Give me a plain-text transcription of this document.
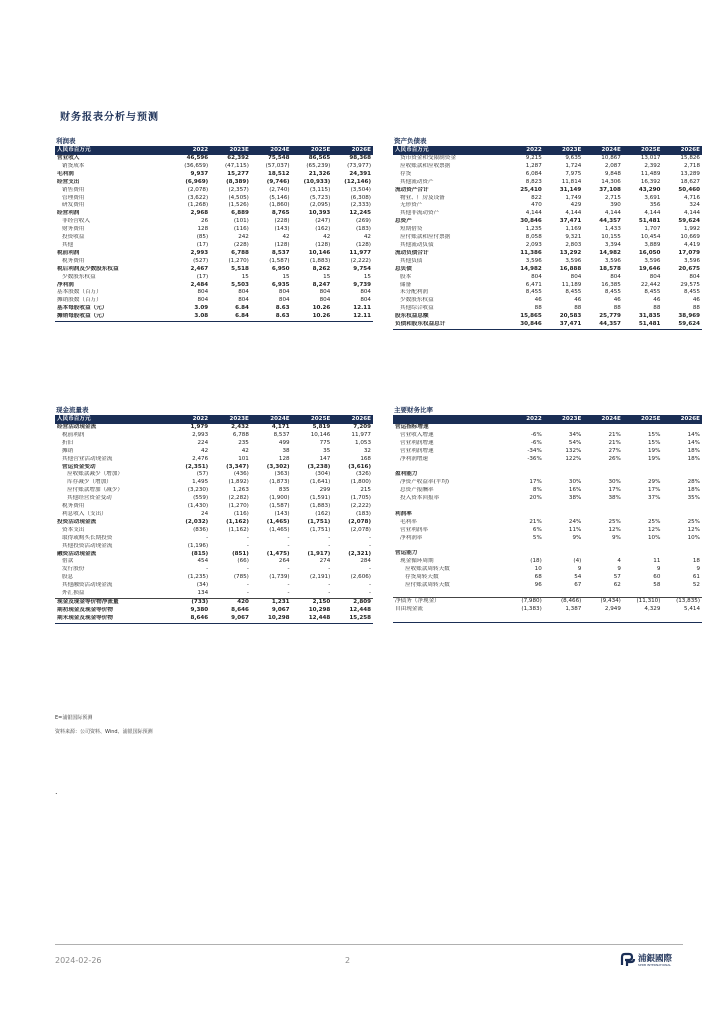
财务报表分析与预测
利润表
人民币百万元	2022	2023E	2024E	2025E	2026E
营业收入	46,596	62,392	75,548	86,565	98,368
销货成本	(36,659)	(47,115)	(57,037)	(65,239)	(73,977)
毛利润	9,937	15,277	18,512	21,326	24,391
经营支出	(6,969)	(8,389)	(9,746)	(10,933)	(12,146)
销售费用	(2,078)	(2,357)	(2,740)	(3,115)	(3,504)
管理费用	(3,622)	(4,505)	(5,146)	(5,723)	(6,308)
研发费用	(1,268)	(1,526)	(1,860)	(2,095)	(2,333)
经营利润	2,968	6,889	8,765	10,393	12,245
非经营收入	26	(101)	(228)	(247)	(269)
财务费用	128	(116)	(143)	(162)	(183)
投资收益	(85)	242	42	42	42
其他	(17)	(228)	(128)	(128)	(128)
税前利润	2,993	6,788	8,537	10,146	11,977
税务费用	(527)	(1,270)	(1,587)	(1,883)	(2,222)
税后利润及少数股东权益	2,467	5,518	6,950	8,262	9,754
少数股东权益	(17)	15	15	15	15
净利润	2,484	5,503	6,935	8,247	9,739
基本股数（百万）	804	804	804	804	804
摊销股数（百万）	804	804	804	804	804
基本每股收益（元）	3.09	6.84	8.63	10.26	12.11
摊销每股收益（元）	3.08	6.84	8.63	10.26	12.11
资产负债表
人民币百万元	2022	2023E	2024E	2025E	2026E
货币资金和受限制资金	9,215	9,635	10,867	13,017	15,826
应收账款和应收票据	1,287	1,724	2,087	2,392	2,718
存货	6,084	7,975	9,848	11,489	13,289
其他流动资产	8,823	11,814	14,306	16,392	18,627
流动资产合计	25,410	31,149	37,108	43,290	50,460
物业、厂房及设备	822	1,749	2,715	3,691	4,716
无形资产	470	429	390	356	324
其他非流动资产	4,144	4,144	4,144	4,144	4,144
总资产	30,846	37,471	44,357	51,481	59,624
短期借贷	1,235	1,169	1,433	1,707	1,992
应付账款和应付票据	8,058	9,321	10,155	10,454	10,669
其他流动负债	2,093	2,803	3,394	3,889	4,419
流动负债合计	11,386	13,292	14,982	16,050	17,079
其他负债	3,596	3,596	3,596	3,596	3,596
总负债	14,982	16,888	18,578	19,646	20,675
股本	804	804	804	804	804
储备	6,471	11,189	16,385	22,442	29,575
未分配利润	8,455	8,455	8,455	8,455	8,455
少数股东权益	46	46	46	46	46
其他综合收益	88	88	88	88	88
股东权益总额	15,865	20,583	25,779	31,835	38,969
负债和股东权益总计	30,846	37,471	44,357	51,481	59,624
现金流量表
人民币百万元	2022	2023E	2024E	2025E	2026E
经营活动现金流	1,979	2,432	4,171	5,819	7,209
税前利润	2,993	6,788	8,537	10,146	11,977
折旧	224	235	499	775	1,053
摊销	42	42	38	35	32
其他营业活动现金流	2,476	101	128	147	168
营运资金变动	(2,351)	(3,347)	(3,302)	(3,238)	(3,616)
应收账款减少（增加）	(57)	(436)	(363)	(304)	(326)
库存减少（增加）	1,495	(1,892)	(1,873)	(1,641)	(1,800)
应付账款增加（减少）	(3,230)	1,263	835	299	215
其他经营资金变动	(559)	(2,282)	(1,900)	(1,591)	(1,705)
税务费用	(1,430)	(1,270)	(1,587)	(1,883)	(2,222)
利息收入（支出）	24	(116)	(143)	(162)	(183)
投资活动现金流	(2,032)	(1,162)	(1,465)	(1,751)	(2,078)
资本支出	(836)	(1,162)	(1,465)	(1,751)	(2,078)
取得或购买长期投资	-	-	-	-	-
其他投资活动现金流	(1,196)	-	-	-	-
融资活动现金流	(815)	(851)	(1,475)	(1,917)	(2,321)
借款	454	(66)	264	274	284
发行股份	-	-	-	-	-
股息	(1,235)	(785)	(1,739)	(2,191)	(2,606)
其他融资活动现金流	(34)	-	-	-	-
外汇损益	134	-	-	-	-
现金及现金等价物净流量	(733)	420	1,231	2,150	2,809
期初现金及现金等价物	9,380	8,646	9,067	10,298	12,448
期末现金及现金等价物	8,646	9,067	10,298	12,448	15,258
主要财务比率
	2022	2023E	2024E	2025E	2026E
营运指标增速					
营业收入增速	-6%	34%	21%	15%	14%
营业利润增速	-6%	54%	21%	15%	14%
营业利润增速	-34%	132%	27%	19%	18%
净利润增速	-36%	122%	26%	19%	18%

盈利能力					
净资产收益率(平均)	17%	30%	30%	29%	28%
总资产报酬率	8%	16%	17%	17%	18%
投入资本回报率	20%	38%	38%	37%	35%

利润率					
毛利率	21%	24%	25%	25%	25%
营业利润率	6%	11%	12%	12%	12%
净利润率	5%	9%	9%	10%	10%

营运能力					
现金循环周期	(18)	(4)	4	11	18
应收账款周转天数	10	9	9	9	9
存货周转天数	68	54	57	60	61
应付账款周转天数	96	67	62	58	52

净债务（净现金）	(7,980)	(8,466)	(9,434)	(11,310)	(13,835)
自由现金流	(1,383)	1,387	2,949	4,329	5,414

E=浦银国际预测
资料来源：公司资料、Wind、浦银国际预测
.
2024-02-26	2	浦銀國際
SPDB INTERNATIONAL
